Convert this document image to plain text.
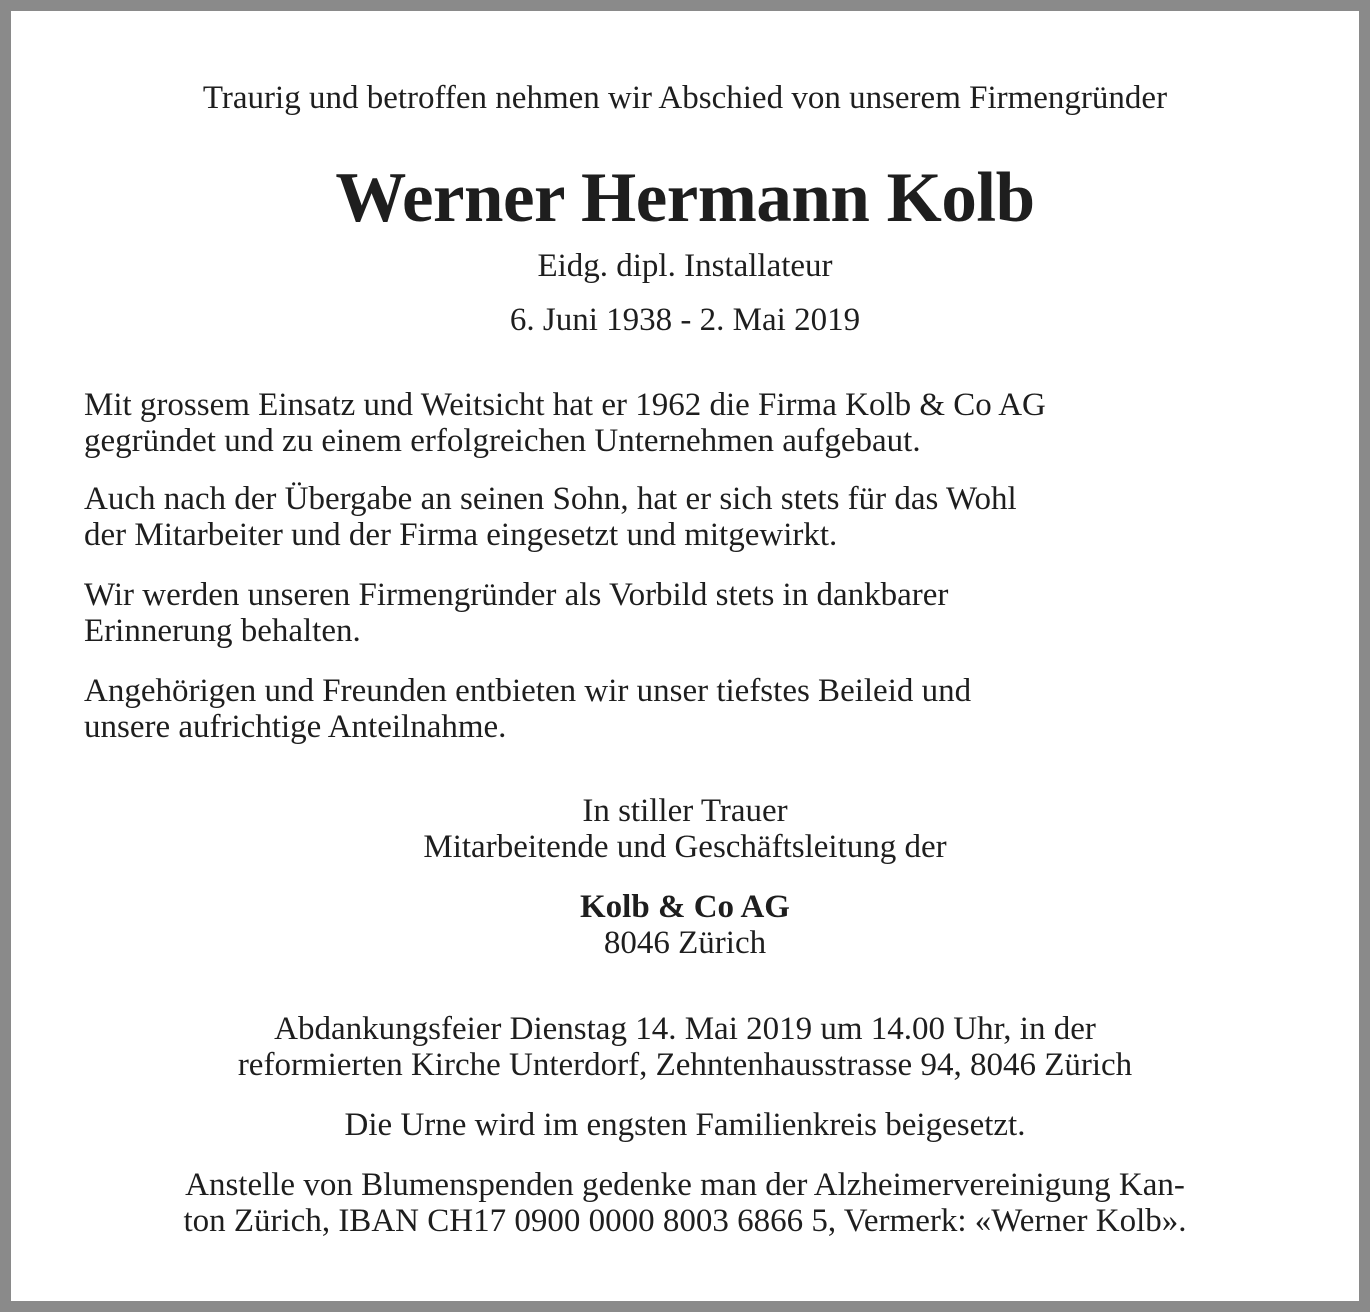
Traurig und betroffen nehmen wir Abschied von unserem Firmengründer
Werner Hermann Kolb
Eidg. dipl. Installateur
6. Juni 1938 - 2. Mai 2019
Mit grossem Einsatz und Weitsicht hat er 1962 die Firma Kolb & Co AG
gegründet und zu einem erfolgreichen Unternehmen aufgebaut.
Auch nach der Übergabe an seinen Sohn, hat er sich stets für das Wohl
der Mitarbeiter und der Firma eingesetzt und mitgewirkt.
Wir werden unseren Firmengründer als Vorbild stets in dankbarer
Erinnerung behalten.
Angehörigen und Freunden entbieten wir unser tiefstes Beileid und
unsere aufrichtige Anteilnahme.
In stiller Trauer
Mitarbeitende und Geschäftsleitung der
Kolb & Co AG
8046 Zürich
Abdankungsfeier Dienstag 14. Mai 2019 um 14.00 Uhr, in der
reformierten Kirche Unterdorf, Zehntenhausstrasse 94, 8046 Zürich
Die Urne wird im engsten Familienkreis beigesetzt.
Anstelle von Blumenspenden gedenke man der Alzheimervereinigung Kan-
ton Zürich, IBAN CH17 0900 0000 8003 6866 5, Vermerk: «Werner Kolb».
